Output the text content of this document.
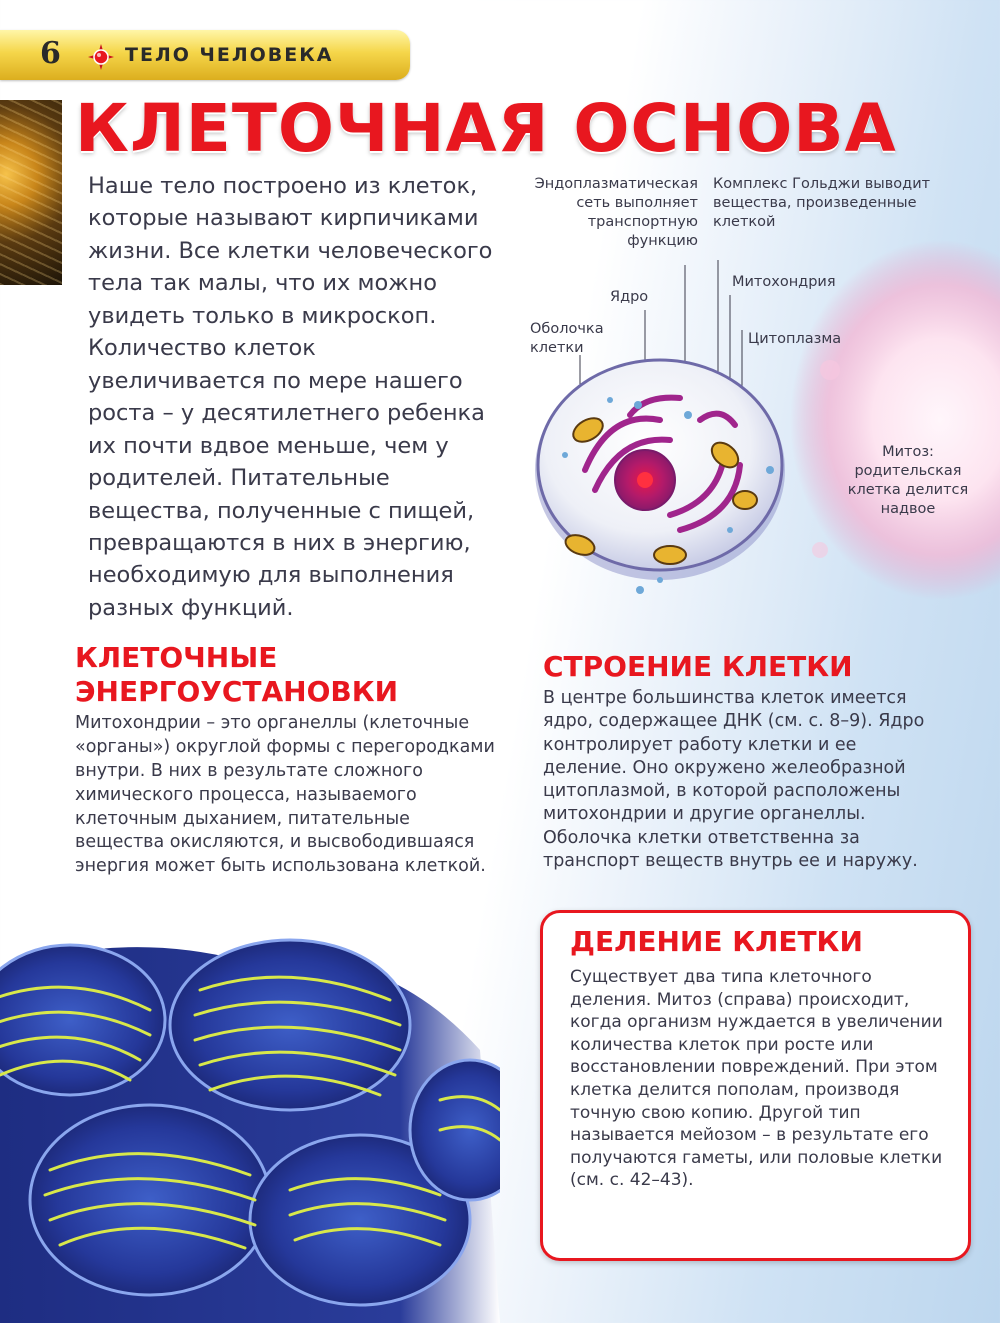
6	ТЕЛО ЧЕЛОВЕКА
КЛЕТОЧНАЯ ОСНОВА

Наше тело построено из клеток, которые называют кирпичиками жизни. Все клетки человеческого тела так малы, что их можно увидеть только в микроскоп. Количество клеток увеличивается по мере нашего роста – у десятилетнего ребенка их почти вдвое меньше, чем у родителей. Питательные вещества, полученные с пищей, превращаются в них в энергию, необходимую для выполнения разных функций.

Эндоплазматическая сеть выполняет транспортную функцию

Комплекс Гольджи выводит вещества, произведенные клеткой

Митохондрия

Ядро

Оболочка клетки

Цитоплазма

Митоз: родительская клетка делится надвое

КЛЕТОЧНЫЕ ЭНЕРГОУСТАНОВКИ

Митохондрии – это органеллы (клеточные «органы») округлой формы с перегородками внутри. В них в результате сложного химического процесса, называемого клеточным дыханием, питательные вещества окисляются, и высвободившаяся энергия может быть использована клеткой.

СТРОЕНИЕ КЛЕТКИ

В центре большинства клеток имеется ядро, содержащее ДНК (см. с. 8–9). Ядро контролирует работу клетки и ее деление. Оно окружено желеобразной цитоплазмой, в которой расположены митохондрии и другие органеллы. Оболочка клетки ответственна за транспорт веществ внутрь ее и наружу.

ДЕЛЕНИЕ КЛЕТКИ

Существует два типа клеточного деления. Митоз (справа) происходит, когда организм нуждается в увеличении количества клеток при росте или восстановлении повреждений. При этом клетка делится пополам, производя точную свою копию. Другой тип называется мейозом – в результате его получаются гаметы, или половые клетки (см. с. 42–43).
